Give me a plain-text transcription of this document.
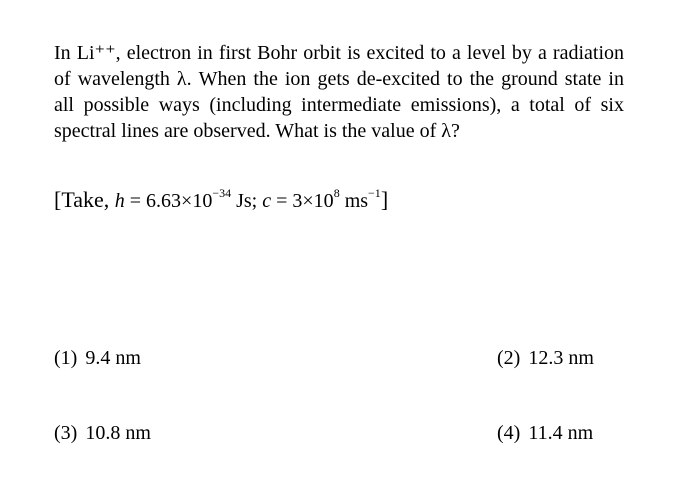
In Li⁺⁺, electron in first Bohr orbit is excited to a level by a radiation of wavelength λ. When the ion gets de-excited to the ground state in all possible ways (including intermediate emissions), a total of six spectral lines are observed. What is the value of λ?

[Take, $h = 6.63\times 10^{-34}$ Js; $c = 3\times 10^8$ $ms^{-1}$]
(1) 9.4 nm	(2) 12.3 nm
(3) 10.8 nm	(4) 11.4 nm
